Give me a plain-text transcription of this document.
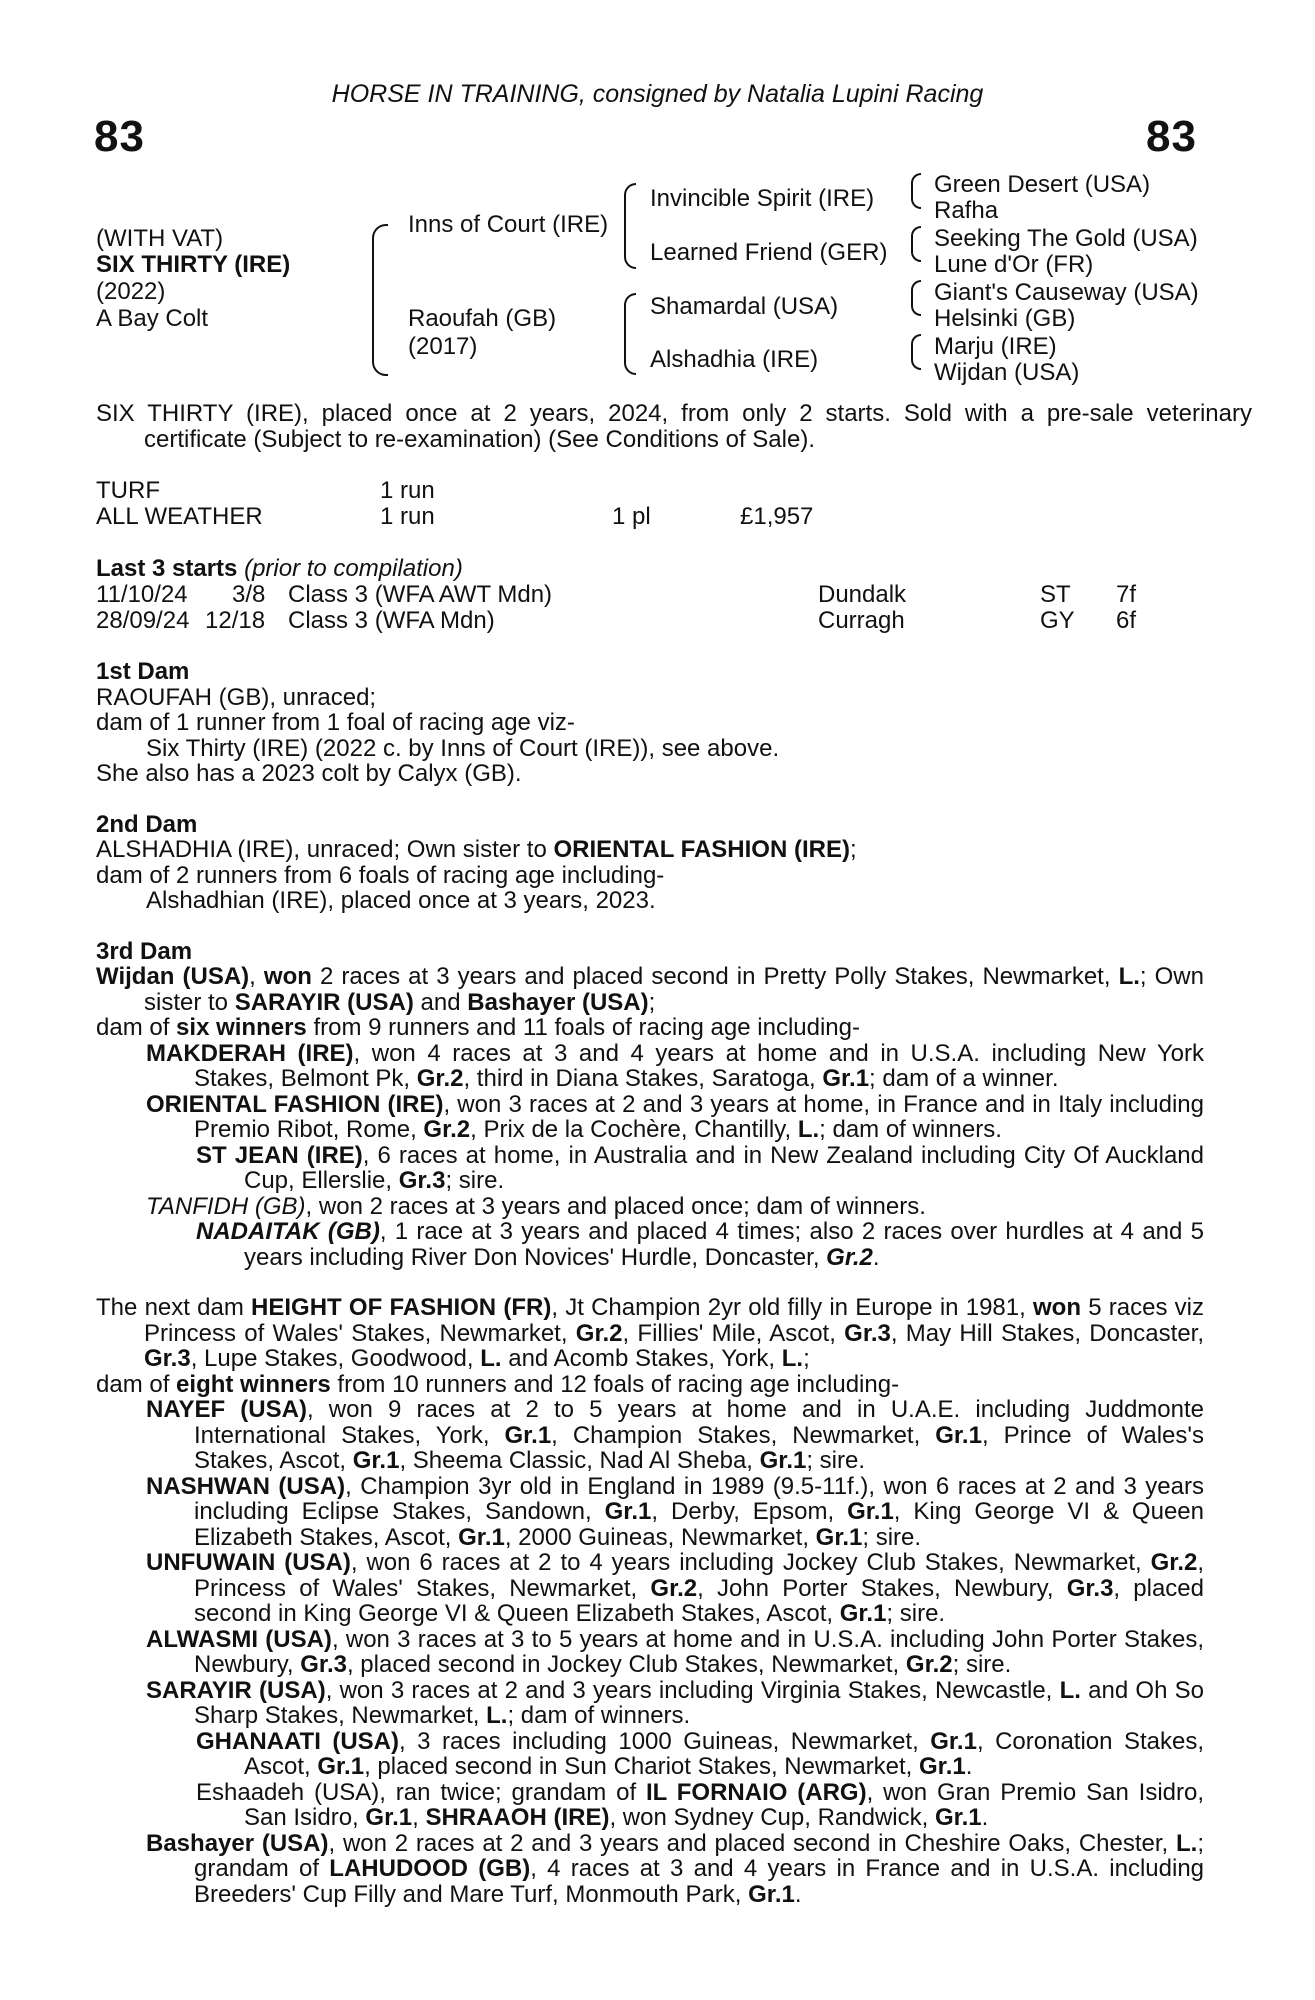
HORSE IN TRAINING, consigned by Natalia Lupini Racing
83	83
(WITH VAT)
SIX THIRTY (IRE)
(2022)
A Bay Colt
Inns of Court (IRE)
Raoufah (GB)
(2017)
Invincible Spirit (IRE)
Learned Friend (GER)
Shamardal (USA)
Alshadhia (IRE)
Green Desert (USA)
Rafha
Seeking The Gold (USA)
Lune d'Or (FR)
Giant's Causeway (USA)
Helsinki (GB)
Marju (IRE)
Wijdan (USA)
SIX THIRTY (IRE), placed once at 2 years, 2024, from only 2 starts. Sold with a pre-sale veterinary certificate (Subject to re-examination) (See Conditions of Sale).
TURF	1 run
ALL WEATHER	1 run	1 pl	£1,957
Last 3 starts (prior to compilation)
11/10/24 3/8 Class 3 (WFA AWT Mdn)	Dundalk	ST 7f
28/09/24 12/18 Class 3 (WFA Mdn)	Curragh	GY 6f

1st Dam

RAOUFAH (GB), unraced;

dam of 1 runner from 1 foal of racing age viz-

Six Thirty (IRE) (2022 c. by Inns of Court (IRE)), see above.

She also has a 2023 colt by Calyx (GB).

2nd Dam

ALSHADHIA (IRE), unraced; Own sister to ORIENTAL FASHION (IRE);

dam of 2 runners from 6 foals of racing age including-

Alshadhian (IRE), placed once at 3 years, 2023.

3rd Dam

Wijdan (USA), won 2 races at 3 years and placed second in Pretty Polly Stakes, Newmarket, L.; Own sister to SARAYIR (USA) and Bashayer (USA);

dam of six winners from 9 runners and 11 foals of racing age including-

MAKDERAH (IRE), won 4 races at 3 and 4 years at home and in U.S.A. including New York Stakes, Belmont Pk, Gr.2, third in Diana Stakes, Saratoga, Gr.1; dam of a winner.

ORIENTAL FASHION (IRE), won 3 races at 2 and 3 years at home, in France and in Italy including Premio Ribot, Rome, Gr.2, Prix de la Cochère, Chantilly, L.; dam of winners.

ST JEAN (IRE), 6 races at home, in Australia and in New Zealand including City Of Auckland Cup, Ellerslie, Gr.3; sire.

TANFIDH (GB), won 2 races at 3 years and placed once; dam of winners.

NADAITAK (GB), 1 race at 3 years and placed 4 times; also 2 races over hurdles at 4 and 5 years including River Don Novices' Hurdle, Doncaster, Gr.2.

The next dam HEIGHT OF FASHION (FR), Jt Champion 2yr old filly in Europe in 1981, won 5 races viz Princess of Wales' Stakes, Newmarket, Gr.2, Fillies' Mile, Ascot, Gr.3, May Hill Stakes, Doncaster, Gr.3, Lupe Stakes, Goodwood, L. and Acomb Stakes, York, L.;

dam of eight winners from 10 runners and 12 foals of racing age including-

NAYEF (USA), won 9 races at 2 to 5 years at home and in U.A.E. including Juddmonte International Stakes, York, Gr.1, Champion Stakes, Newmarket, Gr.1, Prince of Wales's Stakes, Ascot, Gr.1, Sheema Classic, Nad Al Sheba, Gr.1; sire.

NASHWAN (USA), Champion 3yr old in England in 1989 (9.5-11f.), won 6 races at 2 and 3 years including Eclipse Stakes, Sandown, Gr.1, Derby, Epsom, Gr.1, King George VI & Queen Elizabeth Stakes, Ascot, Gr.1, 2000 Guineas, Newmarket, Gr.1; sire.

UNFUWAIN (USA), won 6 races at 2 to 4 years including Jockey Club Stakes, Newmarket, Gr.2, Princess of Wales' Stakes, Newmarket, Gr.2, John Porter Stakes, Newbury, Gr.3, placed second in King George VI & Queen Elizabeth Stakes, Ascot, Gr.1; sire.

ALWASMI (USA), won 3 races at 3 to 5 years at home and in U.S.A. including John Porter Stakes, Newbury, Gr.3, placed second in Jockey Club Stakes, Newmarket, Gr.2; sire.

SARAYIR (USA), won 3 races at 2 and 3 years including Virginia Stakes, Newcastle, L. and Oh So Sharp Stakes, Newmarket, L.; dam of winners.

GHANAATI (USA), 3 races including 1000 Guineas, Newmarket, Gr.1, Coronation Stakes, Ascot, Gr.1, placed second in Sun Chariot Stakes, Newmarket, Gr.1.

Eshaadeh (USA), ran twice; grandam of IL FORNAIO (ARG), won Gran Premio San Isidro, San Isidro, Gr.1, SHRAAOH (IRE), won Sydney Cup, Randwick, Gr.1.

Bashayer (USA), won 2 races at 2 and 3 years and placed second in Cheshire Oaks, Chester, L.; grandam of LAHUDOOD (GB), 4 races at 3 and 4 years in France and in U.S.A. including Breeders' Cup Filly and Mare Turf, Monmouth Park, Gr.1.
